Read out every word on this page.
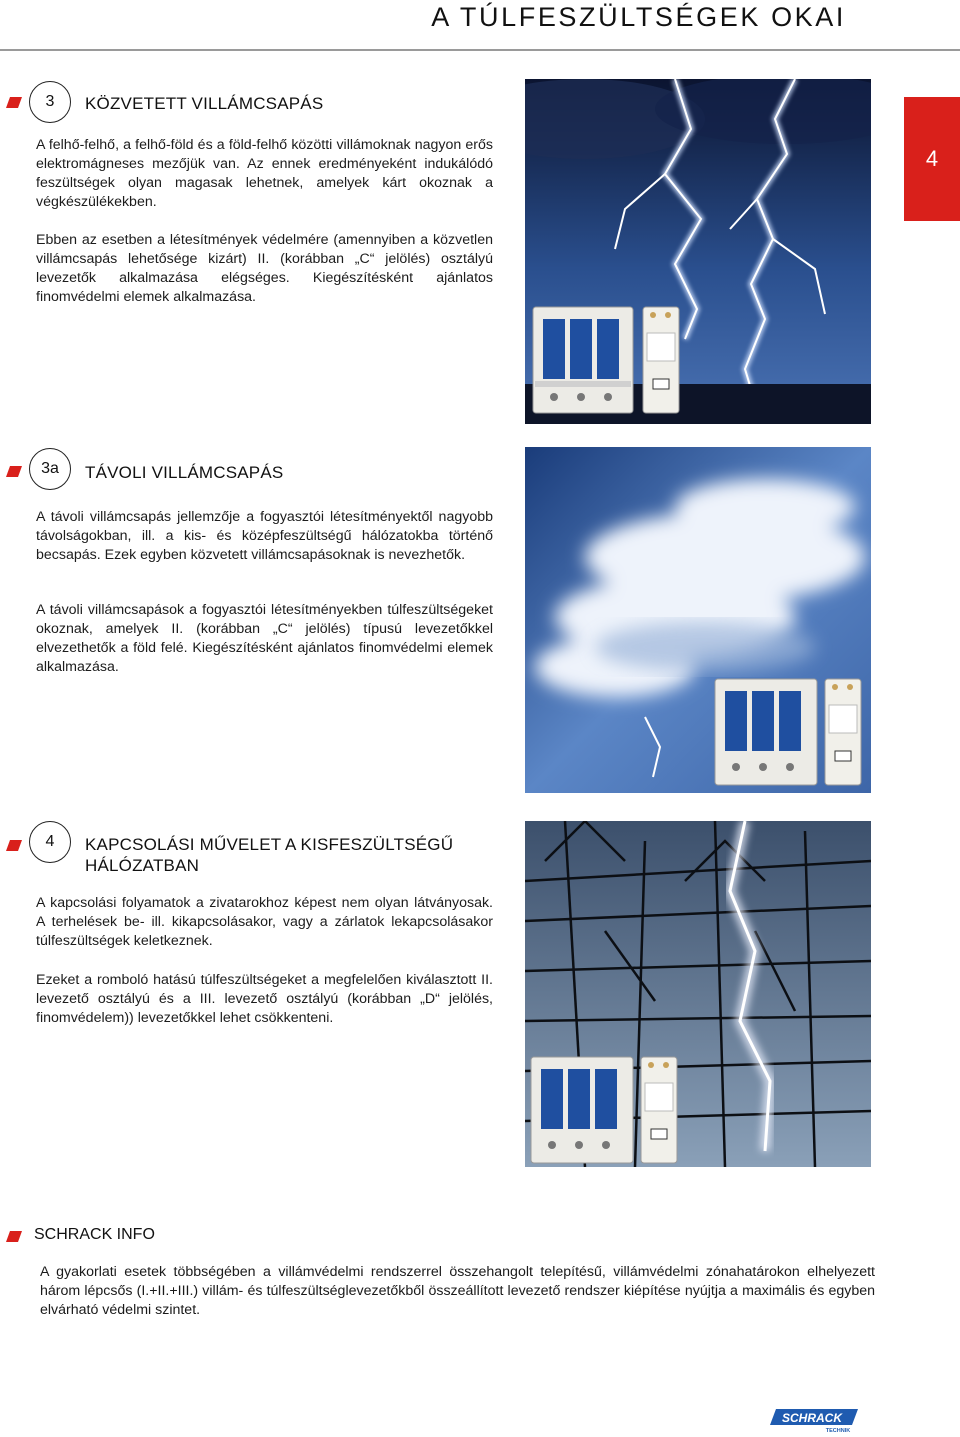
A TÚLFESZÜLTSÉGEK OKAI
4
3	KÖZVETETT VILLÁMCSAPÁS

A felhő-felhő, a felhő-föld és a föld-felhő közötti villámoknak nagyon erős elektromágneses mezőjük van. Az ennek eredményeként indukálódó feszültségek olyan magasak lehetnek, amelyek kárt okoznak a végkészülékekben.

Ebben az esetben a létesítmények védelmére (amennyiben a közvetlen villámcsapás lehetősége kizárt) II. (korábban „C“ jelölés) osztályú levezetők alkalmazása elégséges. Kiegészítésként ajánlatos finomvédelmi elemek alkalmazása.

3a	TÁVOLI VILLÁMCSAPÁS

A távoli villámcsapás jellemzője a fogyasztói létesítményektől nagyobb távolságokban, ill. a kis- és középfeszültségű hálózatokba történő becsapás. Ezek egyben közvetett villámcsapásoknak is nevezhetők.

A távoli villámcsapások a fogyasztói létesítményekben túlfeszültségeket okoznak, amelyek II. (korábban „C“ jelölés) típusú levezetőkkel elvezethetők a föld felé. Kiegészítésként ajánlatos finomvédelmi elemek alkalmazása.

4	KAPCSOLÁSI MŰVELET A KISFESZÜLTSÉGŰ HÁLÓZATBAN

A kapcsolási folyamatok a zivatarokhoz képest nem olyan látványosak. A terhelések be- ill. kikapcsolásakor, vagy a zárlatok lekapcsolásakor túlfeszültségek keletkeznek.

Ezeket a romboló hatású túlfeszültségeket a megfelelően kiválasztott II. levezető osztályú és a III. levezető osztályú (korábban „D“ jelölés, finomvédelem)) levezetőkkel lehet csökkenteni.

SCHRACK INFO

A gyakorlati esetek többségében a villámvédelmi rendszerrel összehangolt telepítésű, villámvédelmi zónahatárokon elhelyezett három lépcsős (I.+II.+III.) villám- és túlfeszültséglevezetőkből összeállított levezető rendszer kiépítése nyújtja a maximális és egyben elvárható védelmi szintet.

SCHRACK
TECHNIK
